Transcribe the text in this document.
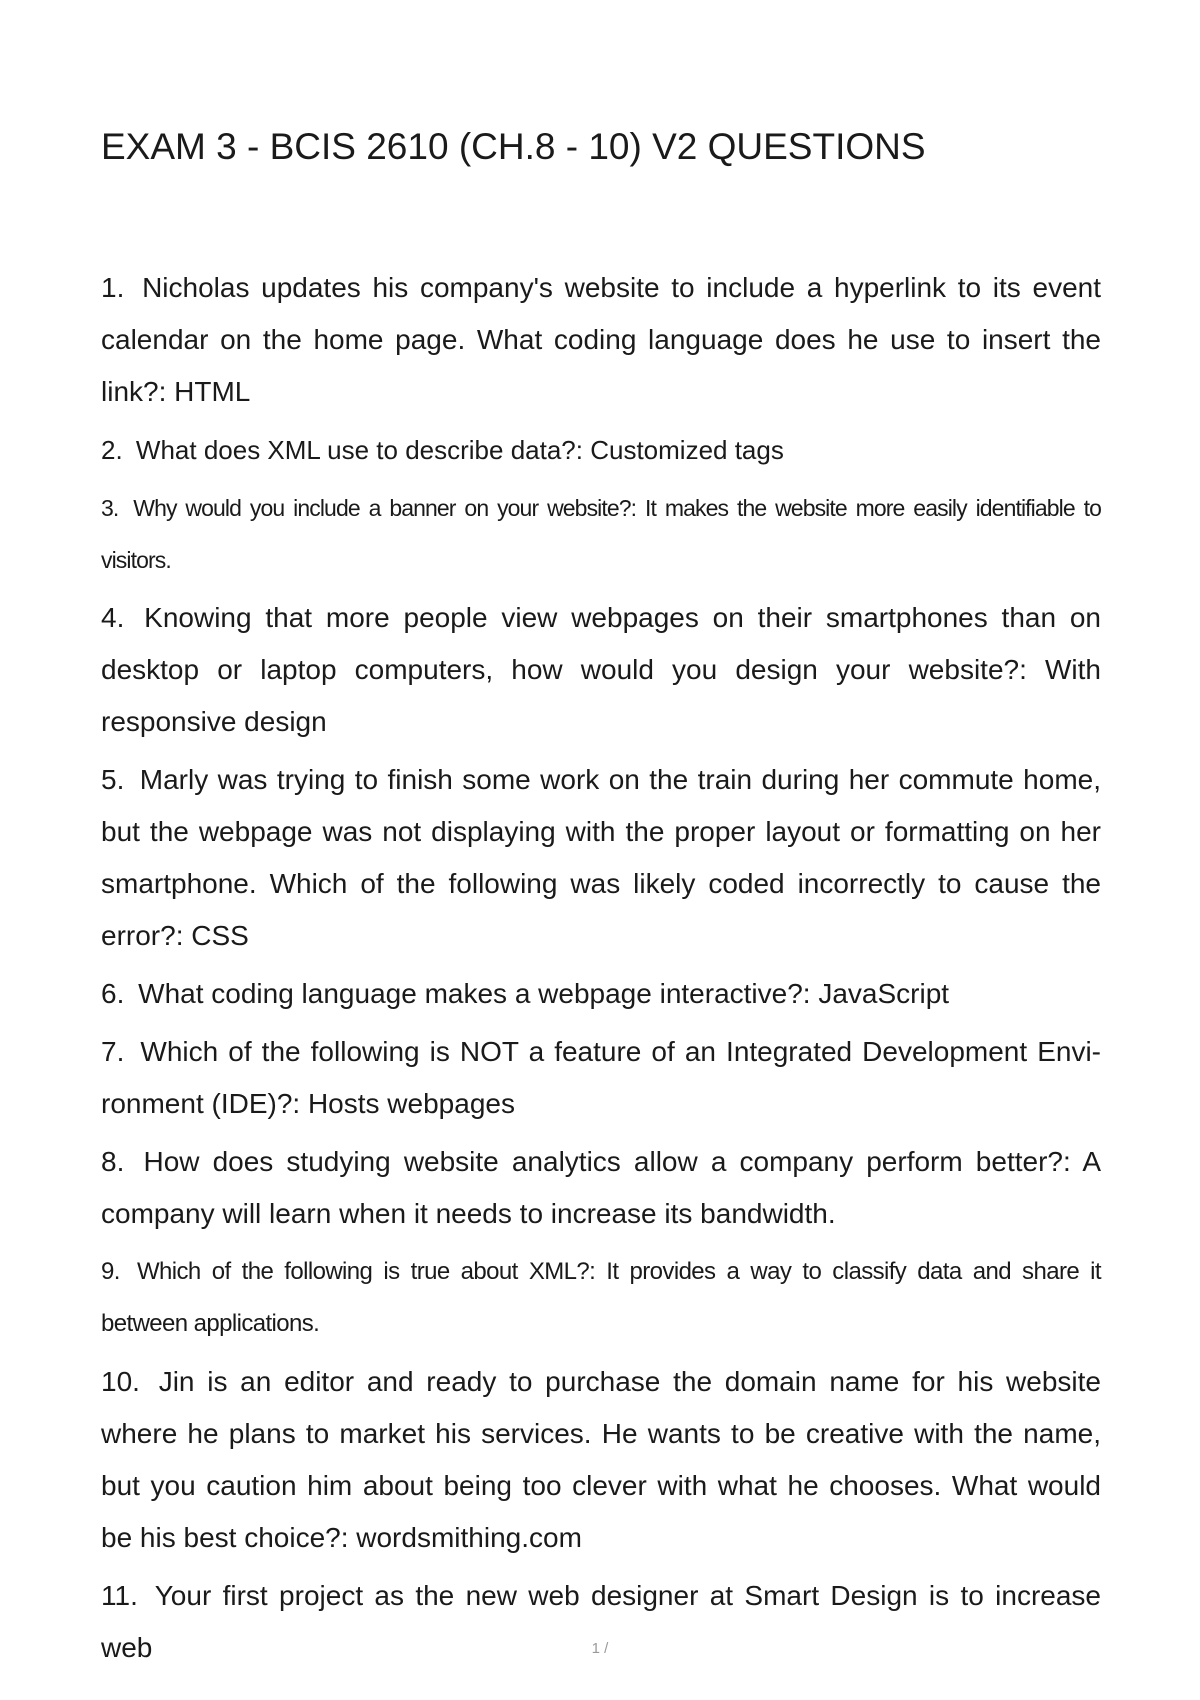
EXAM 3 - BCIS 2610 (CH.8 - 10) V2 QUESTIONS
1. Nicholas updates his company's website to include a hyperlink to its event calendar on the home page. What coding language does he use to insert the link?: HTML
2. What does XML use to describe data?: Customized tags
3. Why would you include a banner on your website?: It makes the website more easily identifiable to visitors.
4. Knowing that more people view webpages on their smartphones than on desktop or laptop computers, how would you design your website?: With responsive design
5. Marly was trying to finish some work on the train during her commute home, but the webpage was not displaying with the proper layout or formatting on her smartphone. Which of the following was likely coded incorrectly to cause the error?: CSS
6. What coding language makes a webpage interactive?: JavaScript
7. Which of the following is NOT a feature of an Integrated Development Envi- ronment (IDE)?: Hosts webpages
8. How does studying website analytics allow a company perform better?: A company will learn when it needs to increase its bandwidth.
9. Which of the following is true about XML?: It provides a way to classify data and share it between applications.
10. Jin is an editor and ready to purchase the domain name for his website where he plans to market his services. He wants to be creative with the name, but you caution him about being too clever with what he chooses. What would be his best choice?: wordsmithing.com
11. Your first project as the new web designer at Smart Design is to increase web	1 /
